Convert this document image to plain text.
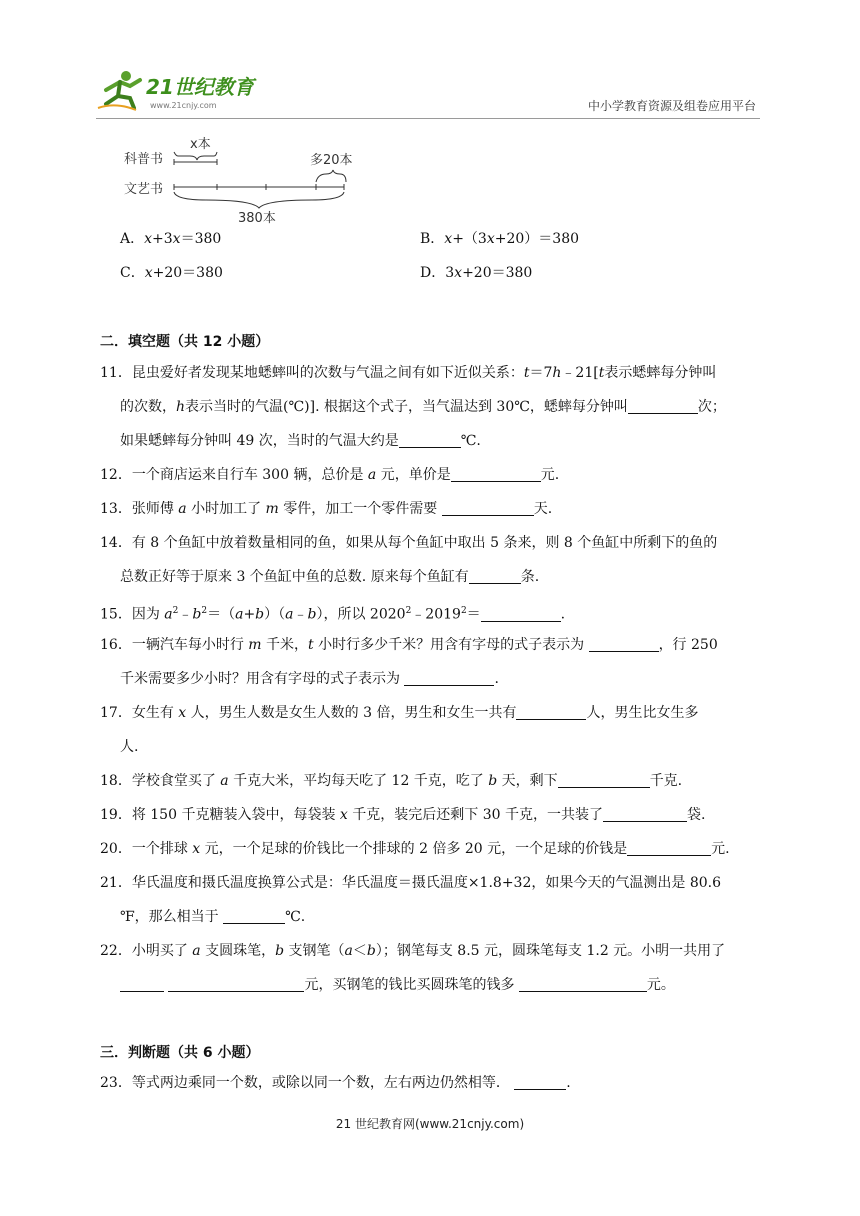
21世纪教育
www.21cnjy.com	中小学教育资源及组卷应用平台
科普书
文艺书
x本
多20本
380本
A．x+3x＝380	B．x+（3x+20）＝380
C．x+20＝380	D．3x+20＝380
二．填空题（共 12 小题）
11．昆虫爱好者发现某地蟋蟀叫的次数与气温之间有如下近似关系：t＝7h﹣21[t表示蟋蟀每分钟叫
的次数，h表示当时的气温(℃)]. 根据这个式子，当气温达到 30℃，蟋蟀每分钟叫	次；
如果蟋蟀每分钟叫 49 次，当时的气温大约是	℃.
12．一个商店运来自行车 300 辆，总价是 a 元，单价是	元.
13．张师傅 a 小时加工了 m 零件，加工一个零件需要	天.
14．有 8 个鱼缸中放着数量相同的鱼，如果从每个鱼缸中取出 5 条来，则 8 个鱼缸中所剩下的鱼的
总数正好等于原来 3 个鱼缸中鱼的总数. 原来每个鱼缸有	条.
15．因为 $a^2﹣b^2=(a+b)(a﹣b)$，所以 $2020^2﹣2019^2=$	.
16．一辆汽车每小时行 m 千米，t 小时行多少千米？用含有字母的式子表示为	，行 250
千米需要多少小时？用含有字母的式子表示为	.
17．女生有 x 人，男生人数是女生人数的 3 倍，男生和女生一共有	人，男生比女生多
人.
18．学校食堂买了 a 千克大米，平均每天吃了 12 千克，吃了 b 天，剩下	千克.
19．将 150 千克糖装入袋中，每袋装 x 千克，装完后还剩下 30 千克，一共装了	袋.
20．一个排球 x 元，一个足球的价钱比一个排球的 2 倍多 20 元，一个足球的价钱是	元.
21．华氏温度和摄氏温度换算公式是：华氏温度＝摄氏温度×1.8+32，如果今天的气温测出是 80.6
℉，那么相当于	℃.
22．小明买了 a 支圆珠笔，b 支钢笔（a＜b）；钢笔每支 8.5 元，圆珠笔每支 1.2 元。小明一共用了
元，买钢笔的钱比买圆珠笔的钱多	元。
三．判断题（共 6 小题）
23．等式两边乘同一个数，或除以同一个数，左右两边仍然相等．	.
21 世纪教育网(www.21cnjy.com)
